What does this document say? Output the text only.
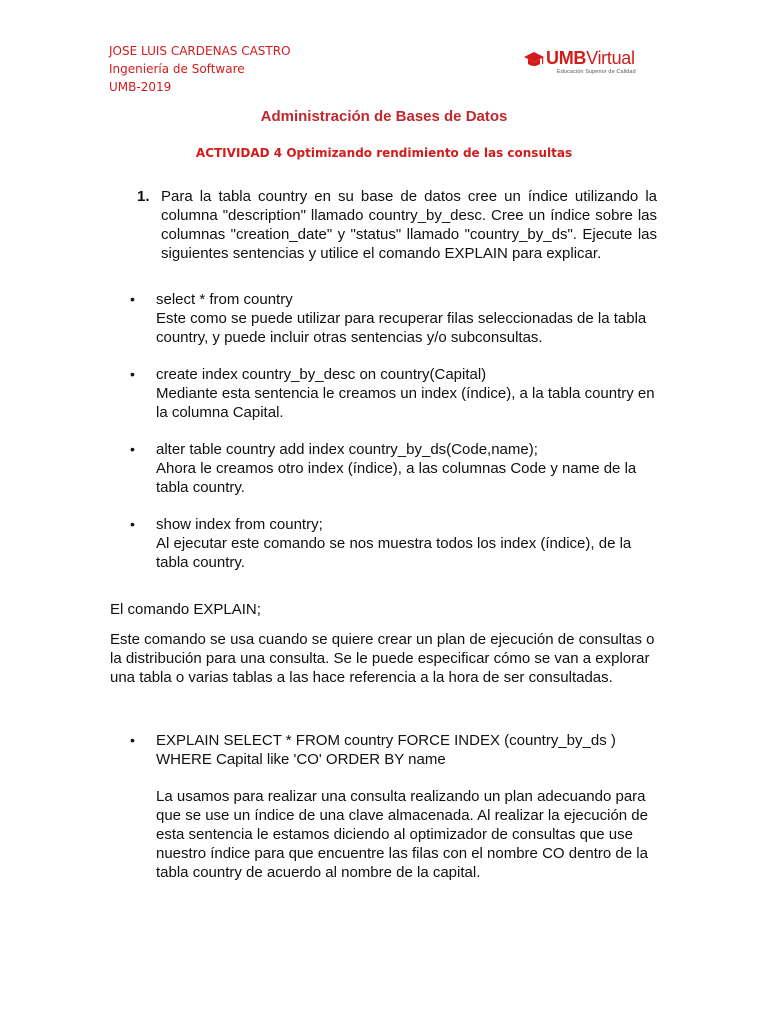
JOSE LUIS CARDENAS CASTRO
Ingeniería de Software
UMB-2019
UMBVirtual
Educación Superior de Calidad
Administración de Bases de Datos
ACTIVIDAD 4 Optimizando rendimiento de las consultas
1. Para la tabla country en su base de datos cree un índice utilizando la columna "description" llamado country_by_desc. Cree un índice sobre las columnas "creation_date" y "status" llamado "country_by_ds". Ejecute las siguientes sentencias y utilice el comando EXPLAIN para explicar.
• select * from country
Este como se puede utilizar para recuperar filas seleccionadas de la tabla country, y puede incluir otras sentencias y/o subconsultas.
• create index country_by_desc on country(Capital)
Mediante esta sentencia le creamos un index (índice), a la tabla country en la columna Capital.
• alter table country add index country_by_ds(Code,name);
Ahora le creamos otro index (índice), a las columnas Code y name de la tabla country.
• show index from country;
Al ejecutar este comando se nos muestra todos los index (índice), de la tabla country.
El comando EXPLAIN;
Este comando se usa cuando se quiere crear un plan de ejecución de consultas o la distribución para una consulta. Se le puede especificar cómo se van a explorar una tabla o varias tablas a las hace referencia a la hora de ser consultadas.
• EXPLAIN SELECT * FROM country FORCE INDEX (country_by_ds ) WHERE Capital like 'CO' ORDER BY name
La usamos para realizar una consulta realizando un plan adecuando para que se use un índice de una clave almacenada. Al realizar la ejecución de esta sentencia le estamos diciendo al optimizador de consultas que use nuestro índice para que encuentre las filas con el nombre CO dentro de la tabla country de acuerdo al nombre de la capital.
